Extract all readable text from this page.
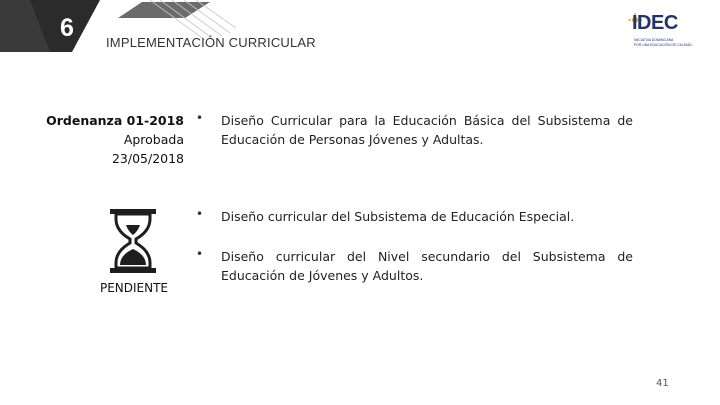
6
IMPLEMENTACIÓN CURRICULAR
IDEC
INICIATIVA DOMINICANA
POR UNA EDUCACIÓN DE CALIDAD
Ordenanza 01-2018
Aprobada
23/05/2018
• Diseño Curricular para la Educación Básica del Subsistema de Educación de Personas Jóvenes y Adultas.
• Diseño curricular del Subsistema de Educación Especial.
• Diseño curricular del Nivel secundario del Subsistema de Educación de Jóvenes y Adultos.
PENDIENTE
41
